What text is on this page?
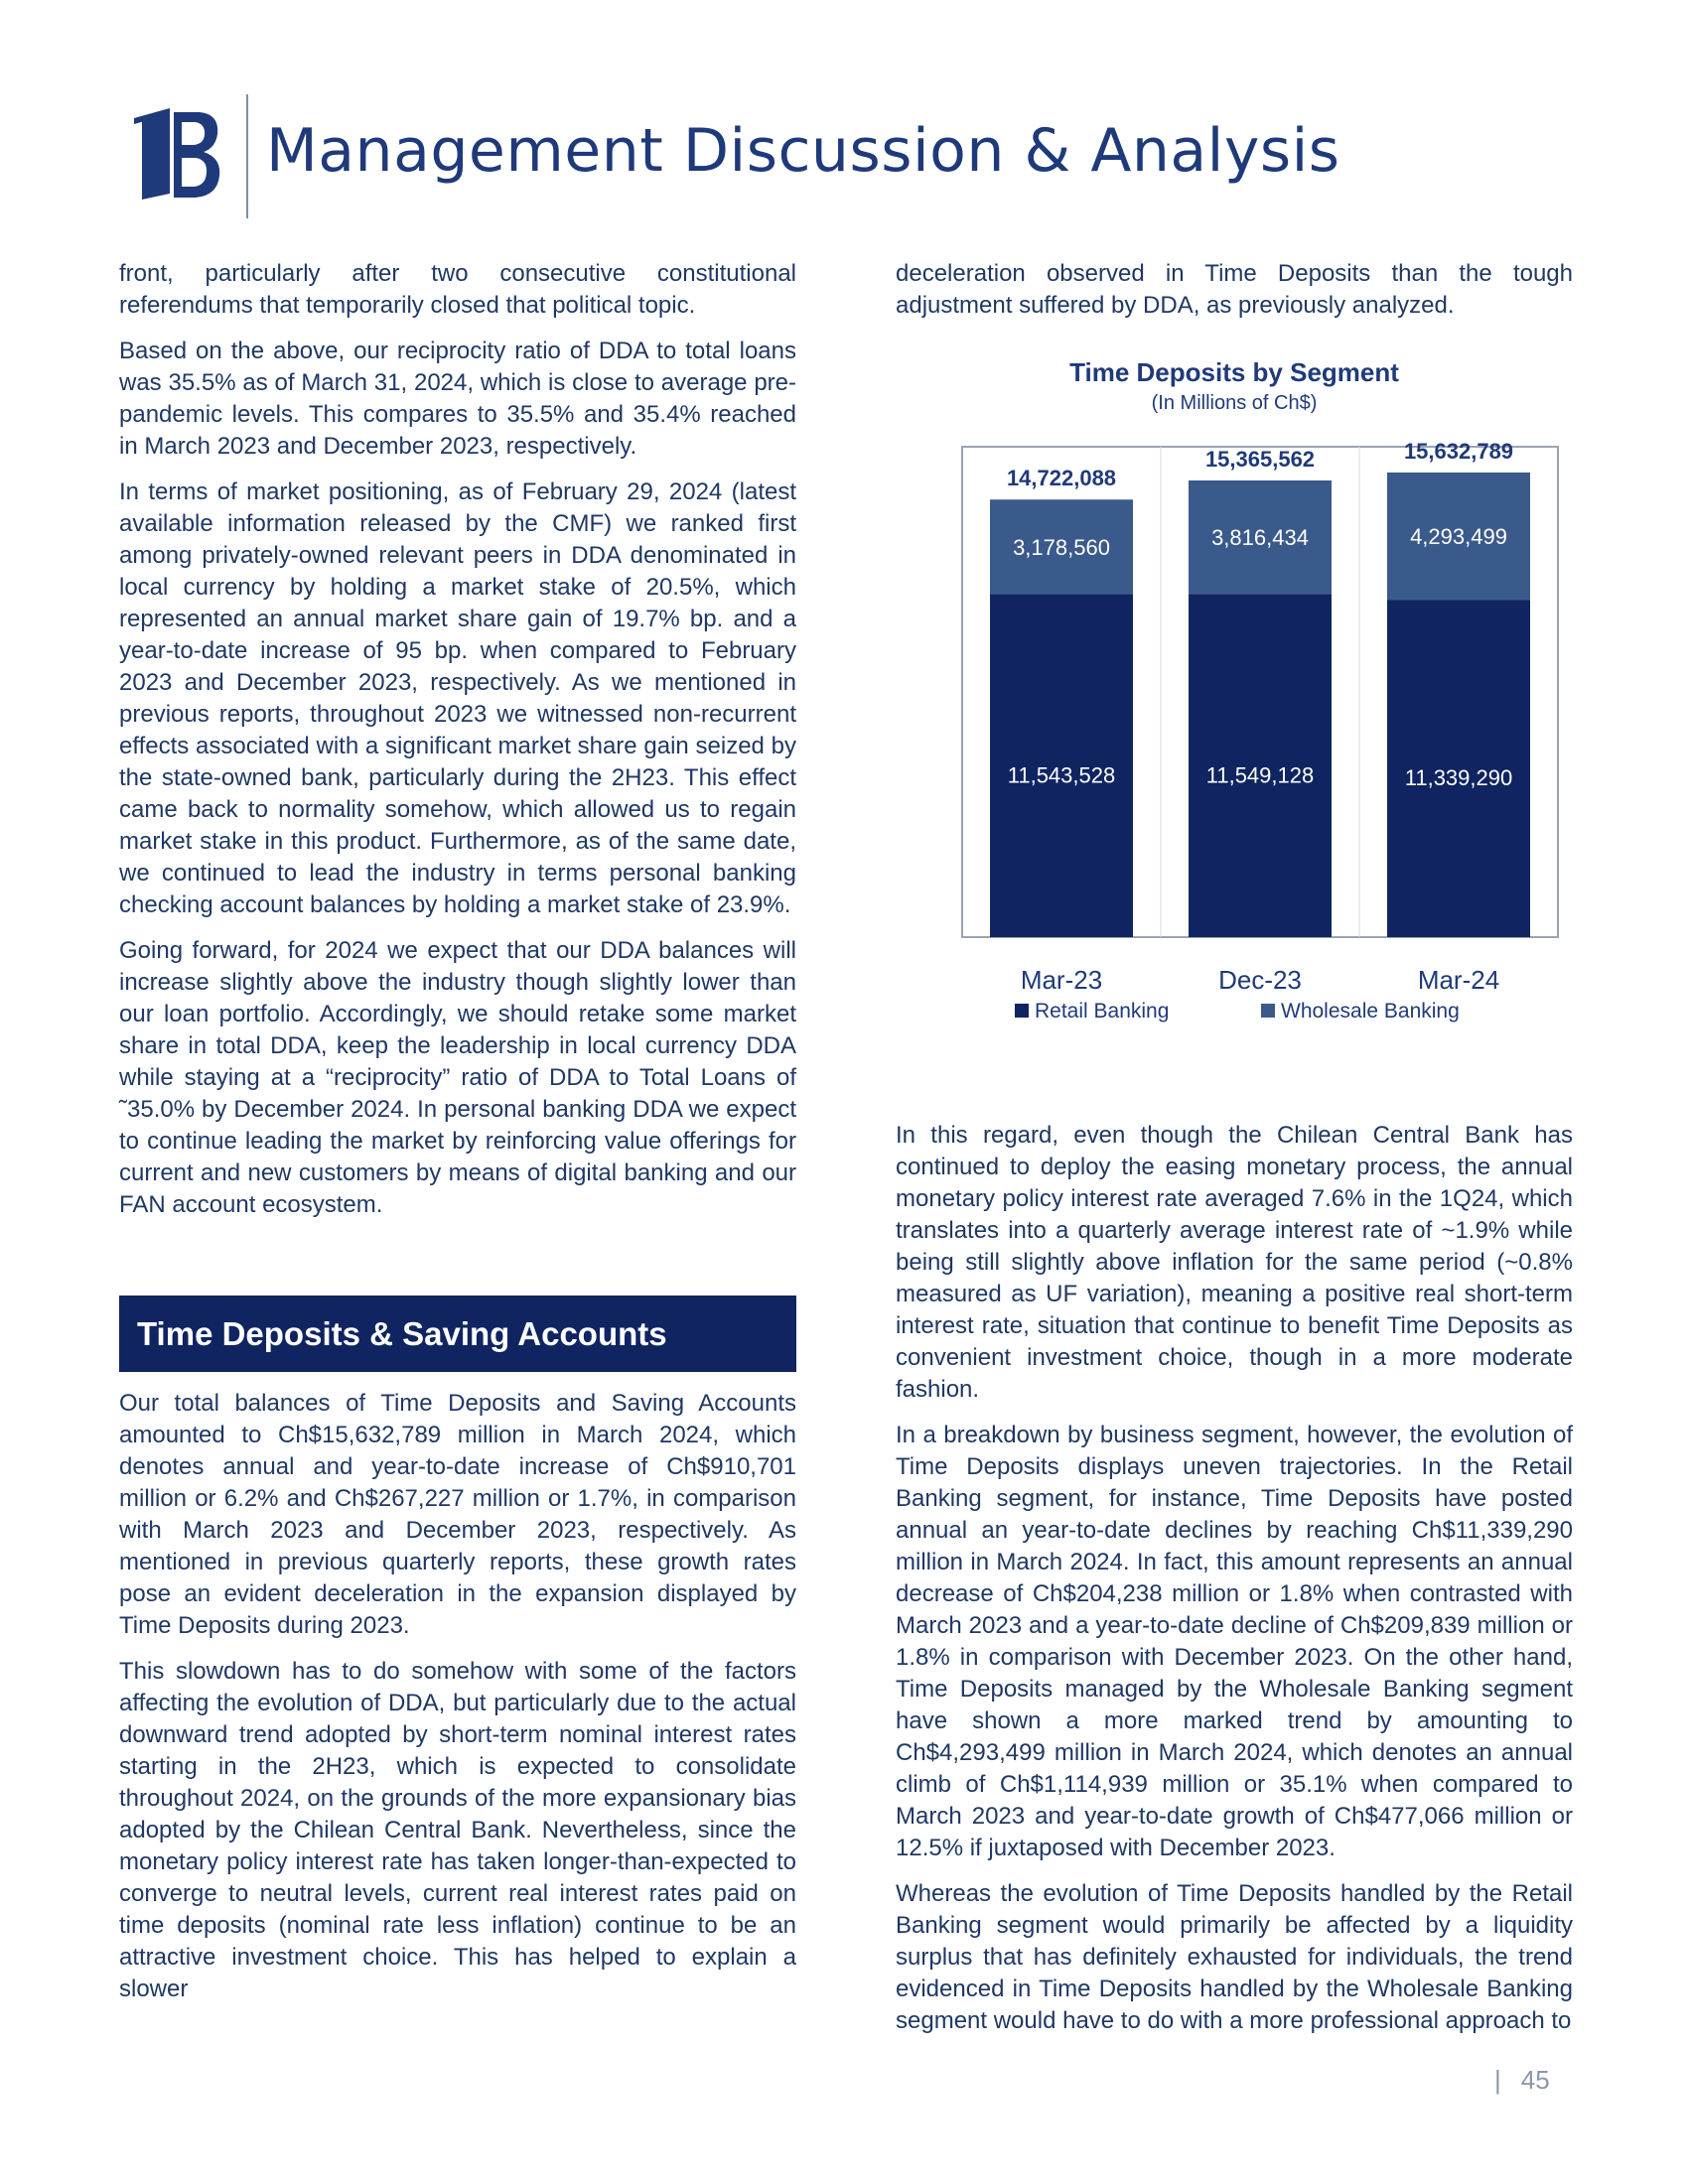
Management Discussion & Analysis

front, particularly after two consecutive constitutional referendums that temporarily closed that political topic.

Based on the above, our reciprocity ratio of DDA to total loans was 35.5% as of March 31, 2024, which is close to average pre-pandemic levels. This compares to 35.5% and 35.4% reached in March 2023 and December 2023, respectively.

In terms of market positioning, as of February 29, 2024 (latest available information released by the CMF) we ranked first among privately-owned relevant peers in DDA denominated in local currency by holding a market stake of 20.5%, which represented an annual market share gain of 19.7% bp. and a year-to-date increase of 95 bp. when compared to February 2023 and December 2023, respectively. As we mentioned in previous reports, throughout 2023 we witnessed non-recurrent effects associated with a significant market share gain seized by the state-owned bank, particularly during the 2H23. This effect came back to normality somehow, which allowed us to regain market stake in this product. Furthermore, as of the same date, we continued to lead the industry in terms personal banking checking account balances by holding a market stake of 23.9%.

Going forward, for 2024 we expect that our DDA balances will increase slightly above the industry though slightly lower than our loan portfolio. Accordingly, we should retake some market share in total DDA, keep the leadership in local currency DDA while staying at a “reciprocity” ratio of DDA to Total Loans of ˜35.0% by December 2024. In personal banking DDA we expect to continue leading the market by reinforcing value offerings for current and new customers by means of digital banking and our FAN account ecosystem.

Time Deposits & Saving Accounts

Our total balances of Time Deposits and Saving Accounts amounted to Ch$15,632,789 million in March 2024, which denotes annual and year-to-date increase of Ch$910,701 million or 6.2% and Ch$267,227 million or 1.7%, in comparison with March 2023 and December 2023, respectively. As mentioned in previous quarterly reports, these growth rates pose an evident deceleration in the expansion displayed by Time Deposits during 2023.

This slowdown has to do somehow with some of the factors affecting the evolution of DDA, but particularly due to the actual downward trend adopted by short-term nominal interest rates starting in the 2H23, which is expected to consolidate throughout 2024, on the grounds of the more expansionary bias adopted by the Chilean Central Bank. Nevertheless, since the monetary policy interest rate has taken longer-than-expected to converge to neutral levels, current real interest rates paid on time deposits (nominal rate less inflation) continue to be an attractive investment choice. This has helped to explain a slower

deceleration observed in Time Deposits than the tough adjustment suffered by DDA, as previously analyzed.

Time Deposits by Segment
(In Millions of Ch$)
11,543,528
3,178,560
14,722,088
Mar-23
11,549,128
3,816,434
15,365,562
Dec-23
11,339,290
4,293,499
15,632,789
Mar-24
Retail Banking	Wholesale Banking

In this regard, even though the Chilean Central Bank has continued to deploy the easing monetary process, the annual monetary policy interest rate averaged 7.6% in the 1Q24, which translates into a quarterly average interest rate of ~1.9% while being still slightly above inflation for the same period (~0.8% measured as UF variation), meaning a positive real short-term interest rate, situation that continue to benefit Time Deposits as convenient investment choice, though in a more moderate fashion.

In a breakdown by business segment, however, the evolution of Time Deposits displays uneven trajectories. In the Retail Banking segment, for instance, Time Deposits have posted annual an year-to-date declines by reaching Ch$11,339,290 million in March 2024. In fact, this amount represents an annual decrease of Ch$204,238 million or 1.8% when contrasted with March 2023 and a year-to-date decline of Ch$209,839 million or 1.8% in comparison with December 2023. On the other hand, Time Deposits managed by the Wholesale Banking segment have shown a more marked trend by amounting to Ch$4,293,499 million in March 2024, which denotes an annual climb of Ch$1,114,939 million or 35.1% when compared to March 2023 and year-to-date growth of Ch$477,066 million or 12.5% if juxtaposed with December 2023.

Whereas the evolution of Time Deposits handled by the Retail Banking segment would primarily be affected by a liquidity surplus that has definitely exhausted for individuals, the trend evidenced in Time Deposits handled by the Wholesale Banking segment would have to do with a more professional approach to

| 45
